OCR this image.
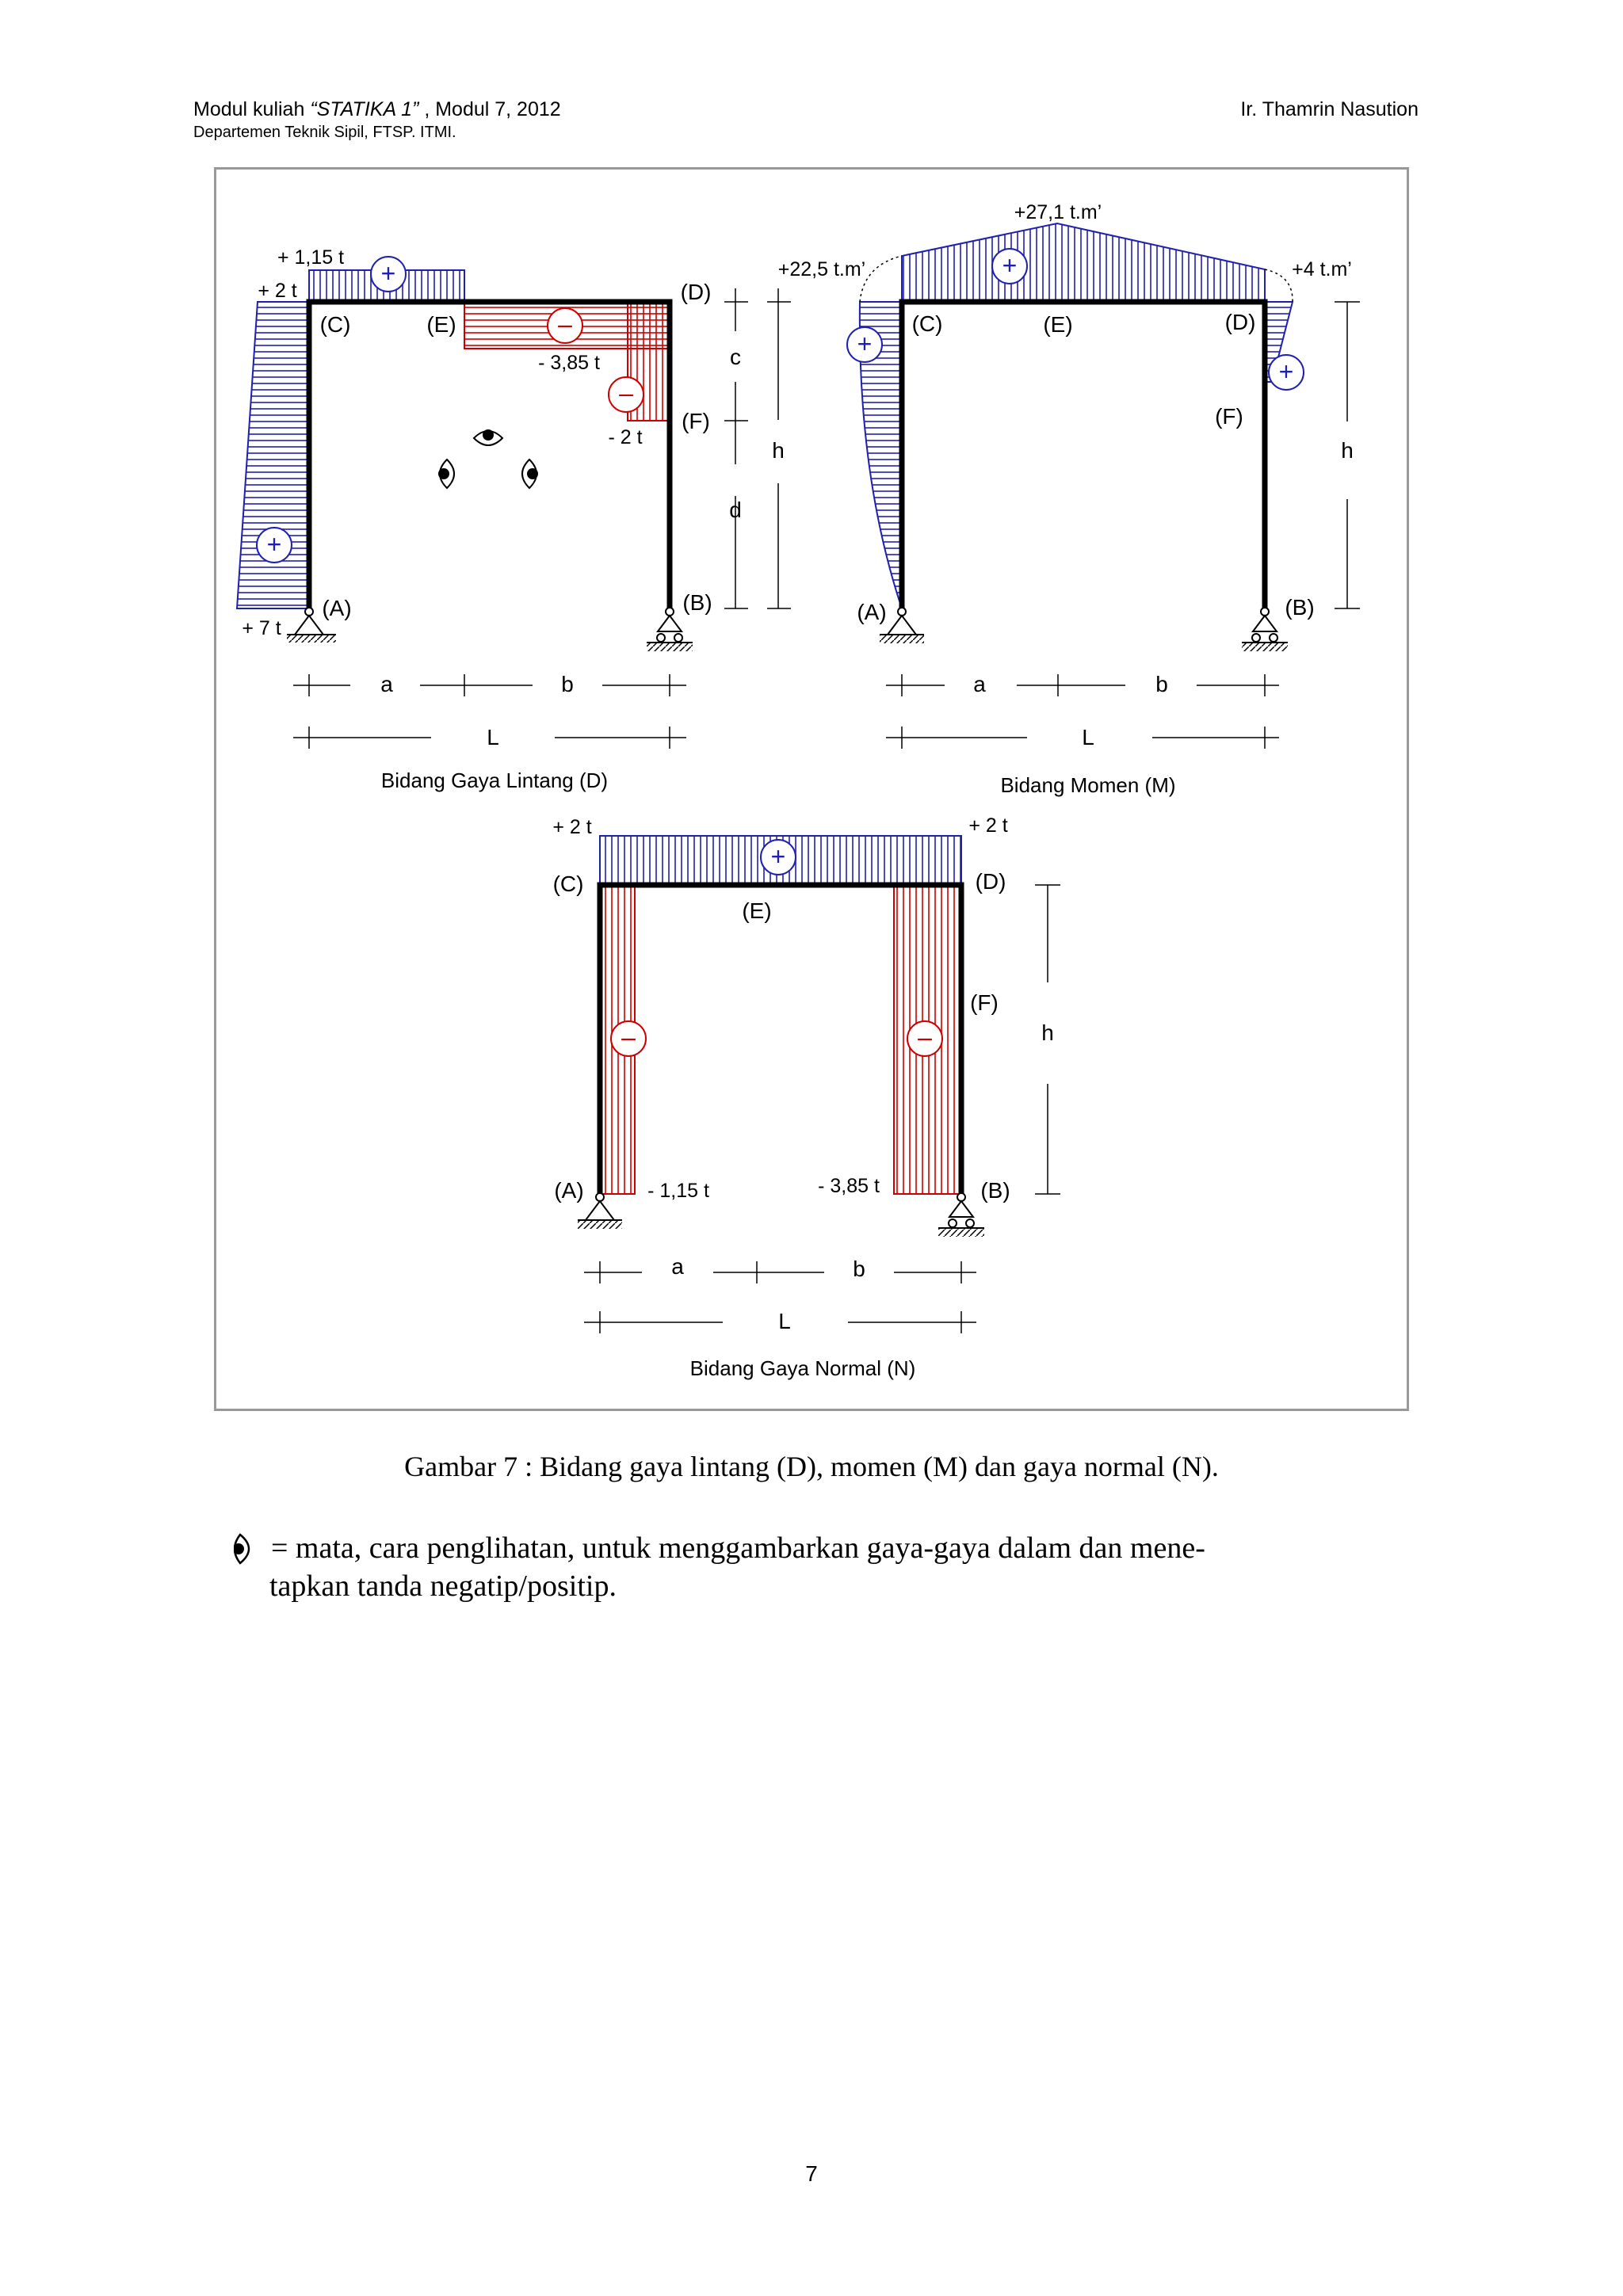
Modul kuliah “STATIKA 1” , Modul 7, 2012
Departemen Teknik Sipil, FTSP. ITMI.
Ir. Thamrin Nasution
+
–
–
+
+ 1,15 t
+ 2 t
+ 7 t
- 3,85 t
- 2 t
(C)	(E)
(D)
(F)
(A)	(B)
c
d
h
a	b
L
Bidang Gaya Lintang (D)
+
+
+
+27,1 t.m’
+22,5 t.m’	+4 t.m’
(C)	(E)	(D)
(F)
(A)	(B)
h
a	b
L
Bidang Momen (M)
+
–	–
+ 2 t	+ 2 t
- 1,15 t	- 3,85 t
(C)
(E)
(D)
(F)
(A)	(B)
h
a	b
L
Bidang Gaya Normal (N)
Gambar 7 : Bidang gaya lintang (D), momen (M) dan gaya normal (N).
= mata, cara penglihatan, untuk menggambarkan gaya-gaya dalam dan mene-
tapkan tanda negatip/positip.
7
